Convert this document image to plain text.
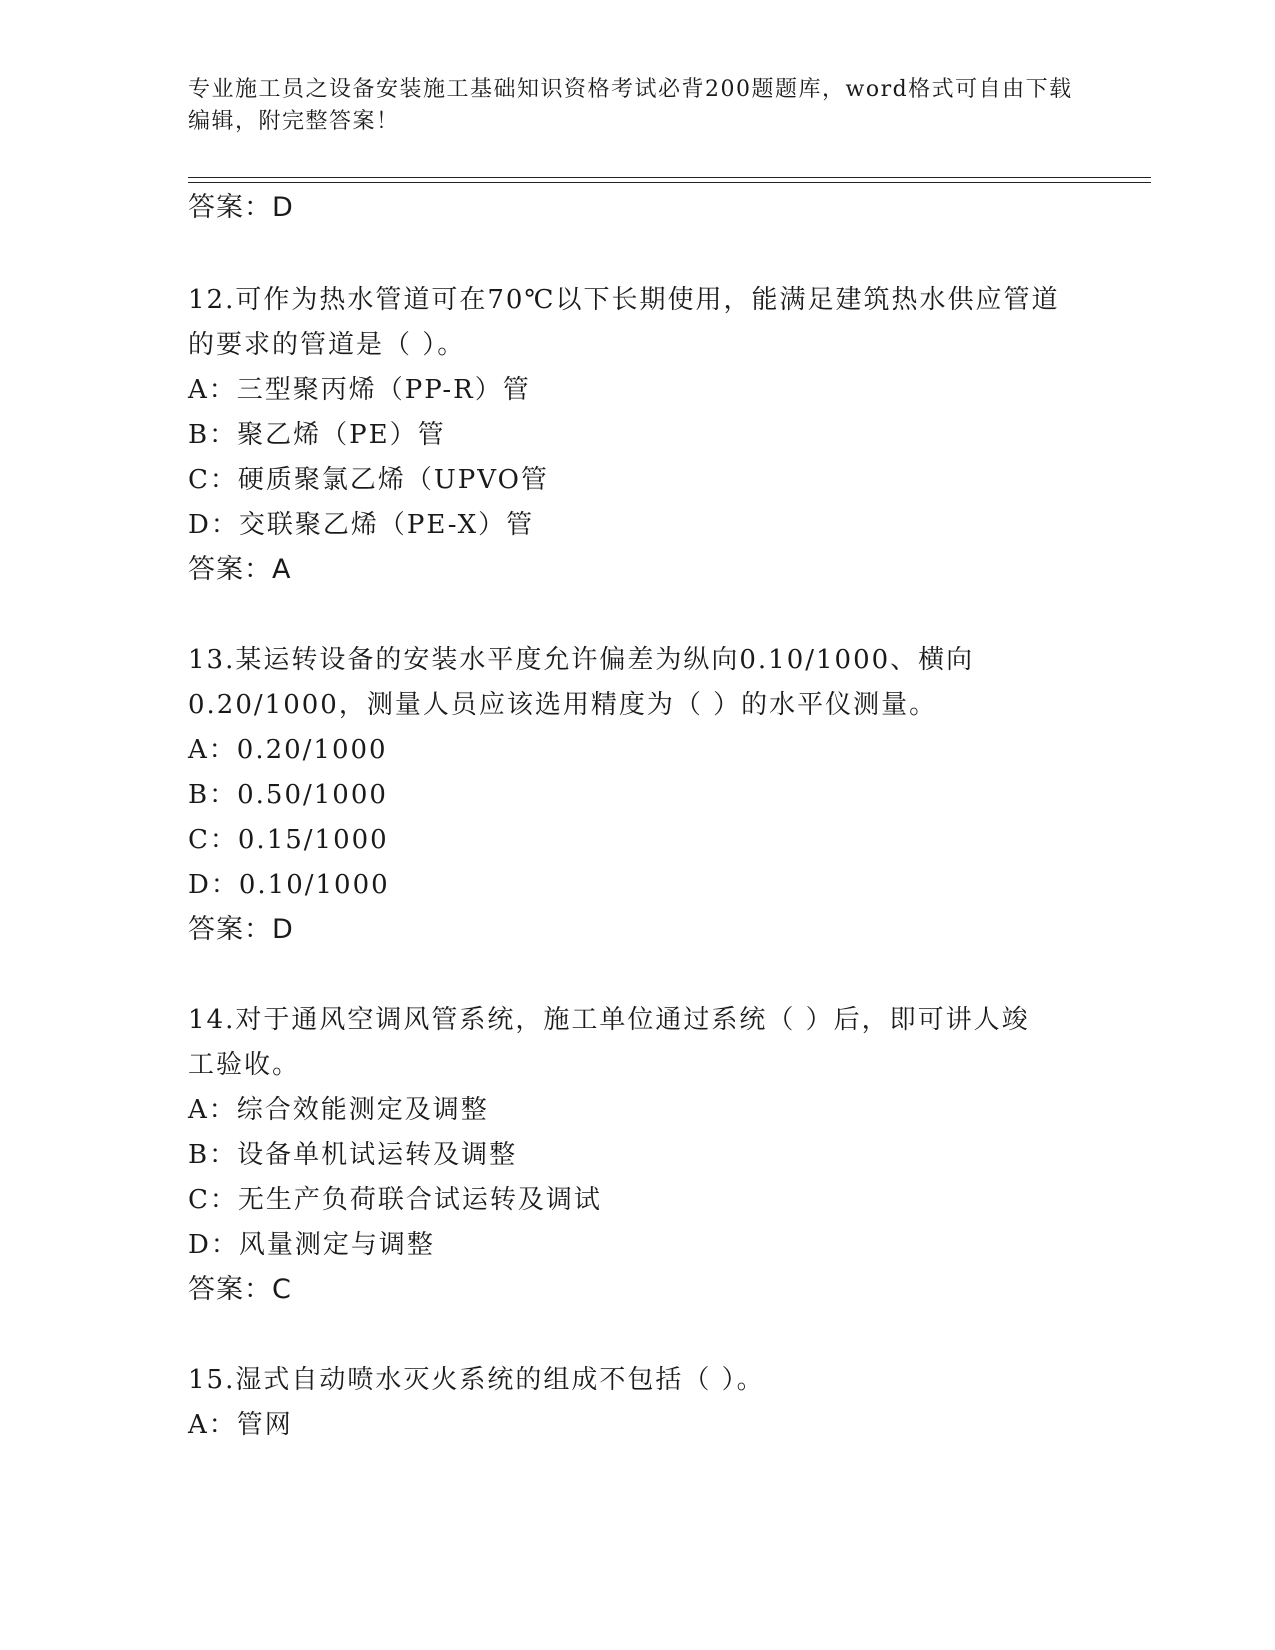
专业施工员之设备安装施工基础知识资格考试必背200题题库，word格式可自由下载编辑，附完整答案！
答案：D
12.可作为热水管道可在70℃以下长期使用，能满足建筑热水供应管道
的要求的管道是（ ）。
A：三型聚丙烯（PP-R）管
B：聚乙烯（PE）管
C：硬质聚氯乙烯（UPVO管
D：交联聚乙烯（PE-X）管
答案：A
13.某运转设备的安装水平度允许偏差为纵向0.10/1000、横向
0.20/1000，测量人员应该选用精度为（ ）的水平仪测量。
A：0.20/1000
B：0.50/1000
C：0.15/1000
D：0.10/1000
答案：D
14.对于通风空调风管系统，施工单位通过系统（ ）后，即可讲人竣
工验收。
A：综合效能测定及调整
B：设备单机试运转及调整
C：无生产负荷联合试运转及调试
D：风量测定与调整
答案：C
15.湿式自动喷水灭火系统的组成不包括（ ）。
A：管网
